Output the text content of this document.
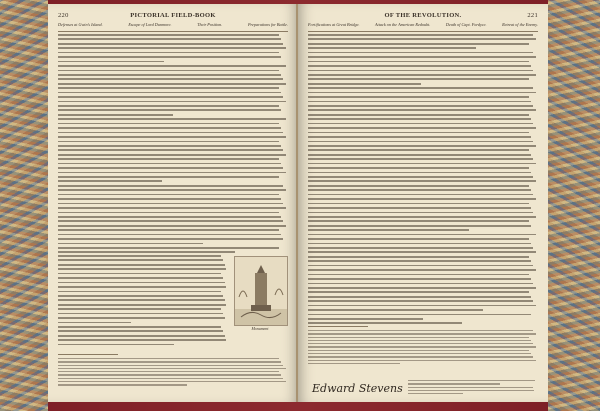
220	PICTORIAL FIELD-BOOK
Defenses at Gwin's Island.	Escape of Lord Dunmore.	Their Position.	Preparations for Battle.
Monument
OF THE REVOLUTION.	221
Fortifications at Great Bridge.	Attack on the American Redoubt.	Death of Capt. Fordyce.	Retreat of the Enemy.
Edward Stevens
